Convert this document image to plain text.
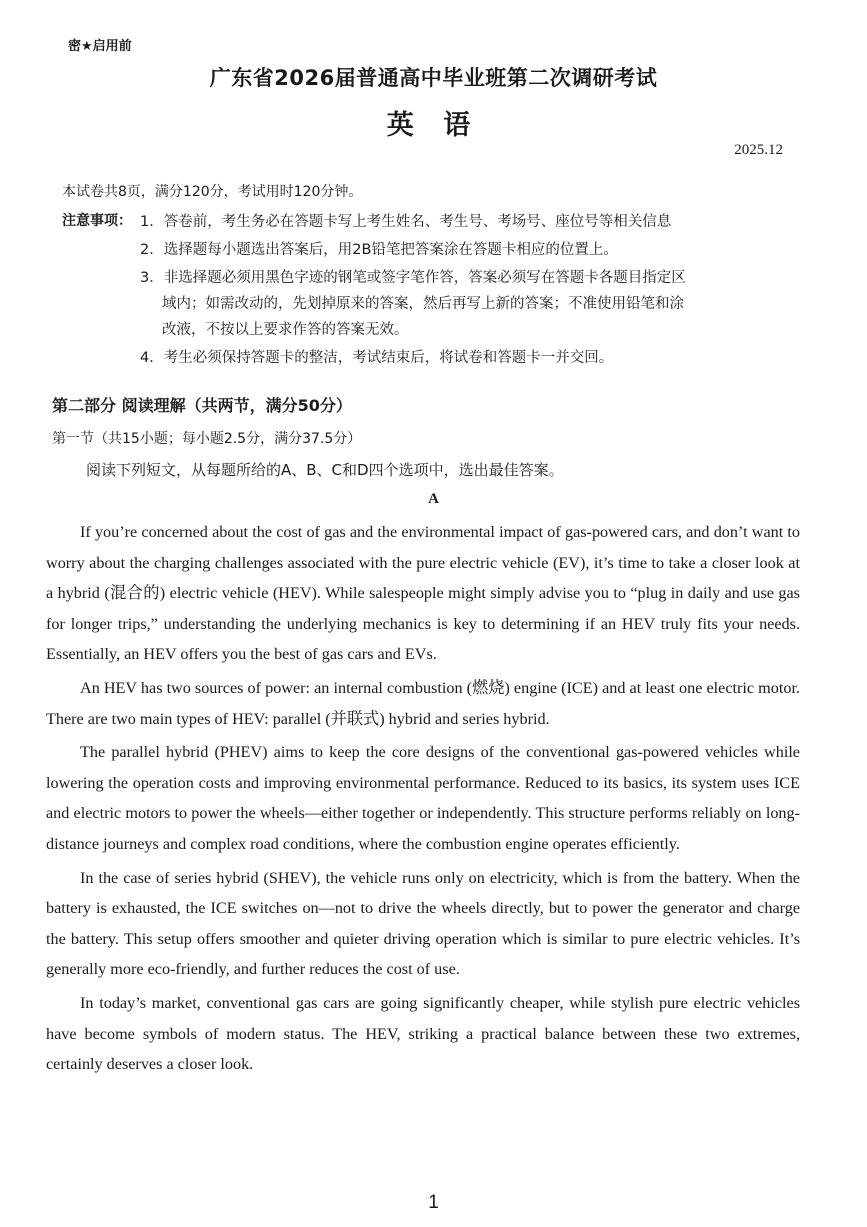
密★启用前
广东省2026届普通高中毕业班第二次调研考试
英 语
2025.12
本试卷共8页，满分120分，考试用时120分钟。
注意事项： 1．答卷前，考生务必在答题卡写上考生姓名、考生号、考场号、座位号等相关信息
2．选择题每小题选出答案后，用2B铅笔把答案涂在答题卡相应的位置上。
3．非选择题必须用黑色字迹的钢笔或签字笔作答，答案必须写在答题卡各题目指定区
域内；如需改动的，先划掉原来的答案，然后再写上新的答案；不准使用铅笔和涂
改液，不按以上要求作答的答案无效。
4．考生必须保持答题卡的整洁，考试结束后，将试卷和答题卡一并交回。
第二部分 阅读理解（共两节，满分50分）
第一节（共15小题；每小题2.5分，满分37.5分）
阅读下列短文，从每题所给的A、B、C和D四个选项中，选出最佳答案。
A

If you’re concerned about the cost of gas and the environmental impact of gas-powered cars, and don’t want to worry about the charging challenges associated with the pure electric vehicle (EV), it’s time to take a closer look at a hybrid (混合的) electric vehicle (HEV). While salespeople might simply advise you to “plug in daily and use gas for longer trips,” understanding the underlying mechanics is key to determining if an HEV truly fits your needs. Essentially, an HEV offers you the best of gas cars and EVs.

An HEV has two sources of power: an internal combustion (燃烧) engine (ICE) and at least one electric motor. There are two main types of HEV: parallel (并联式) hybrid and series hybrid.

The parallel hybrid (PHEV) aims to keep the core designs of the conventional gas-powered vehicles while lowering the operation costs and improving environmental performance. Reduced to its basics, its system uses ICE and electric motors to power the wheels—either together or independently. This structure performs reliably on long-distance journeys and complex road conditions, where the combustion engine operates efficiently.

In the case of series hybrid (SHEV), the vehicle runs only on electricity, which is from the battery. When the battery is exhausted, the ICE switches on—not to drive the wheels directly, but to power the generator and charge the battery. This setup offers smoother and quieter driving operation which is similar to pure electric vehicles. It’s generally more eco-friendly, and further reduces the cost of use.

In today’s market, conventional gas cars are going significantly cheaper, while stylish pure electric vehicles have become symbols of modern status. The HEV, striking a practical balance between these two extremes, certainly deserves a closer look.

1
